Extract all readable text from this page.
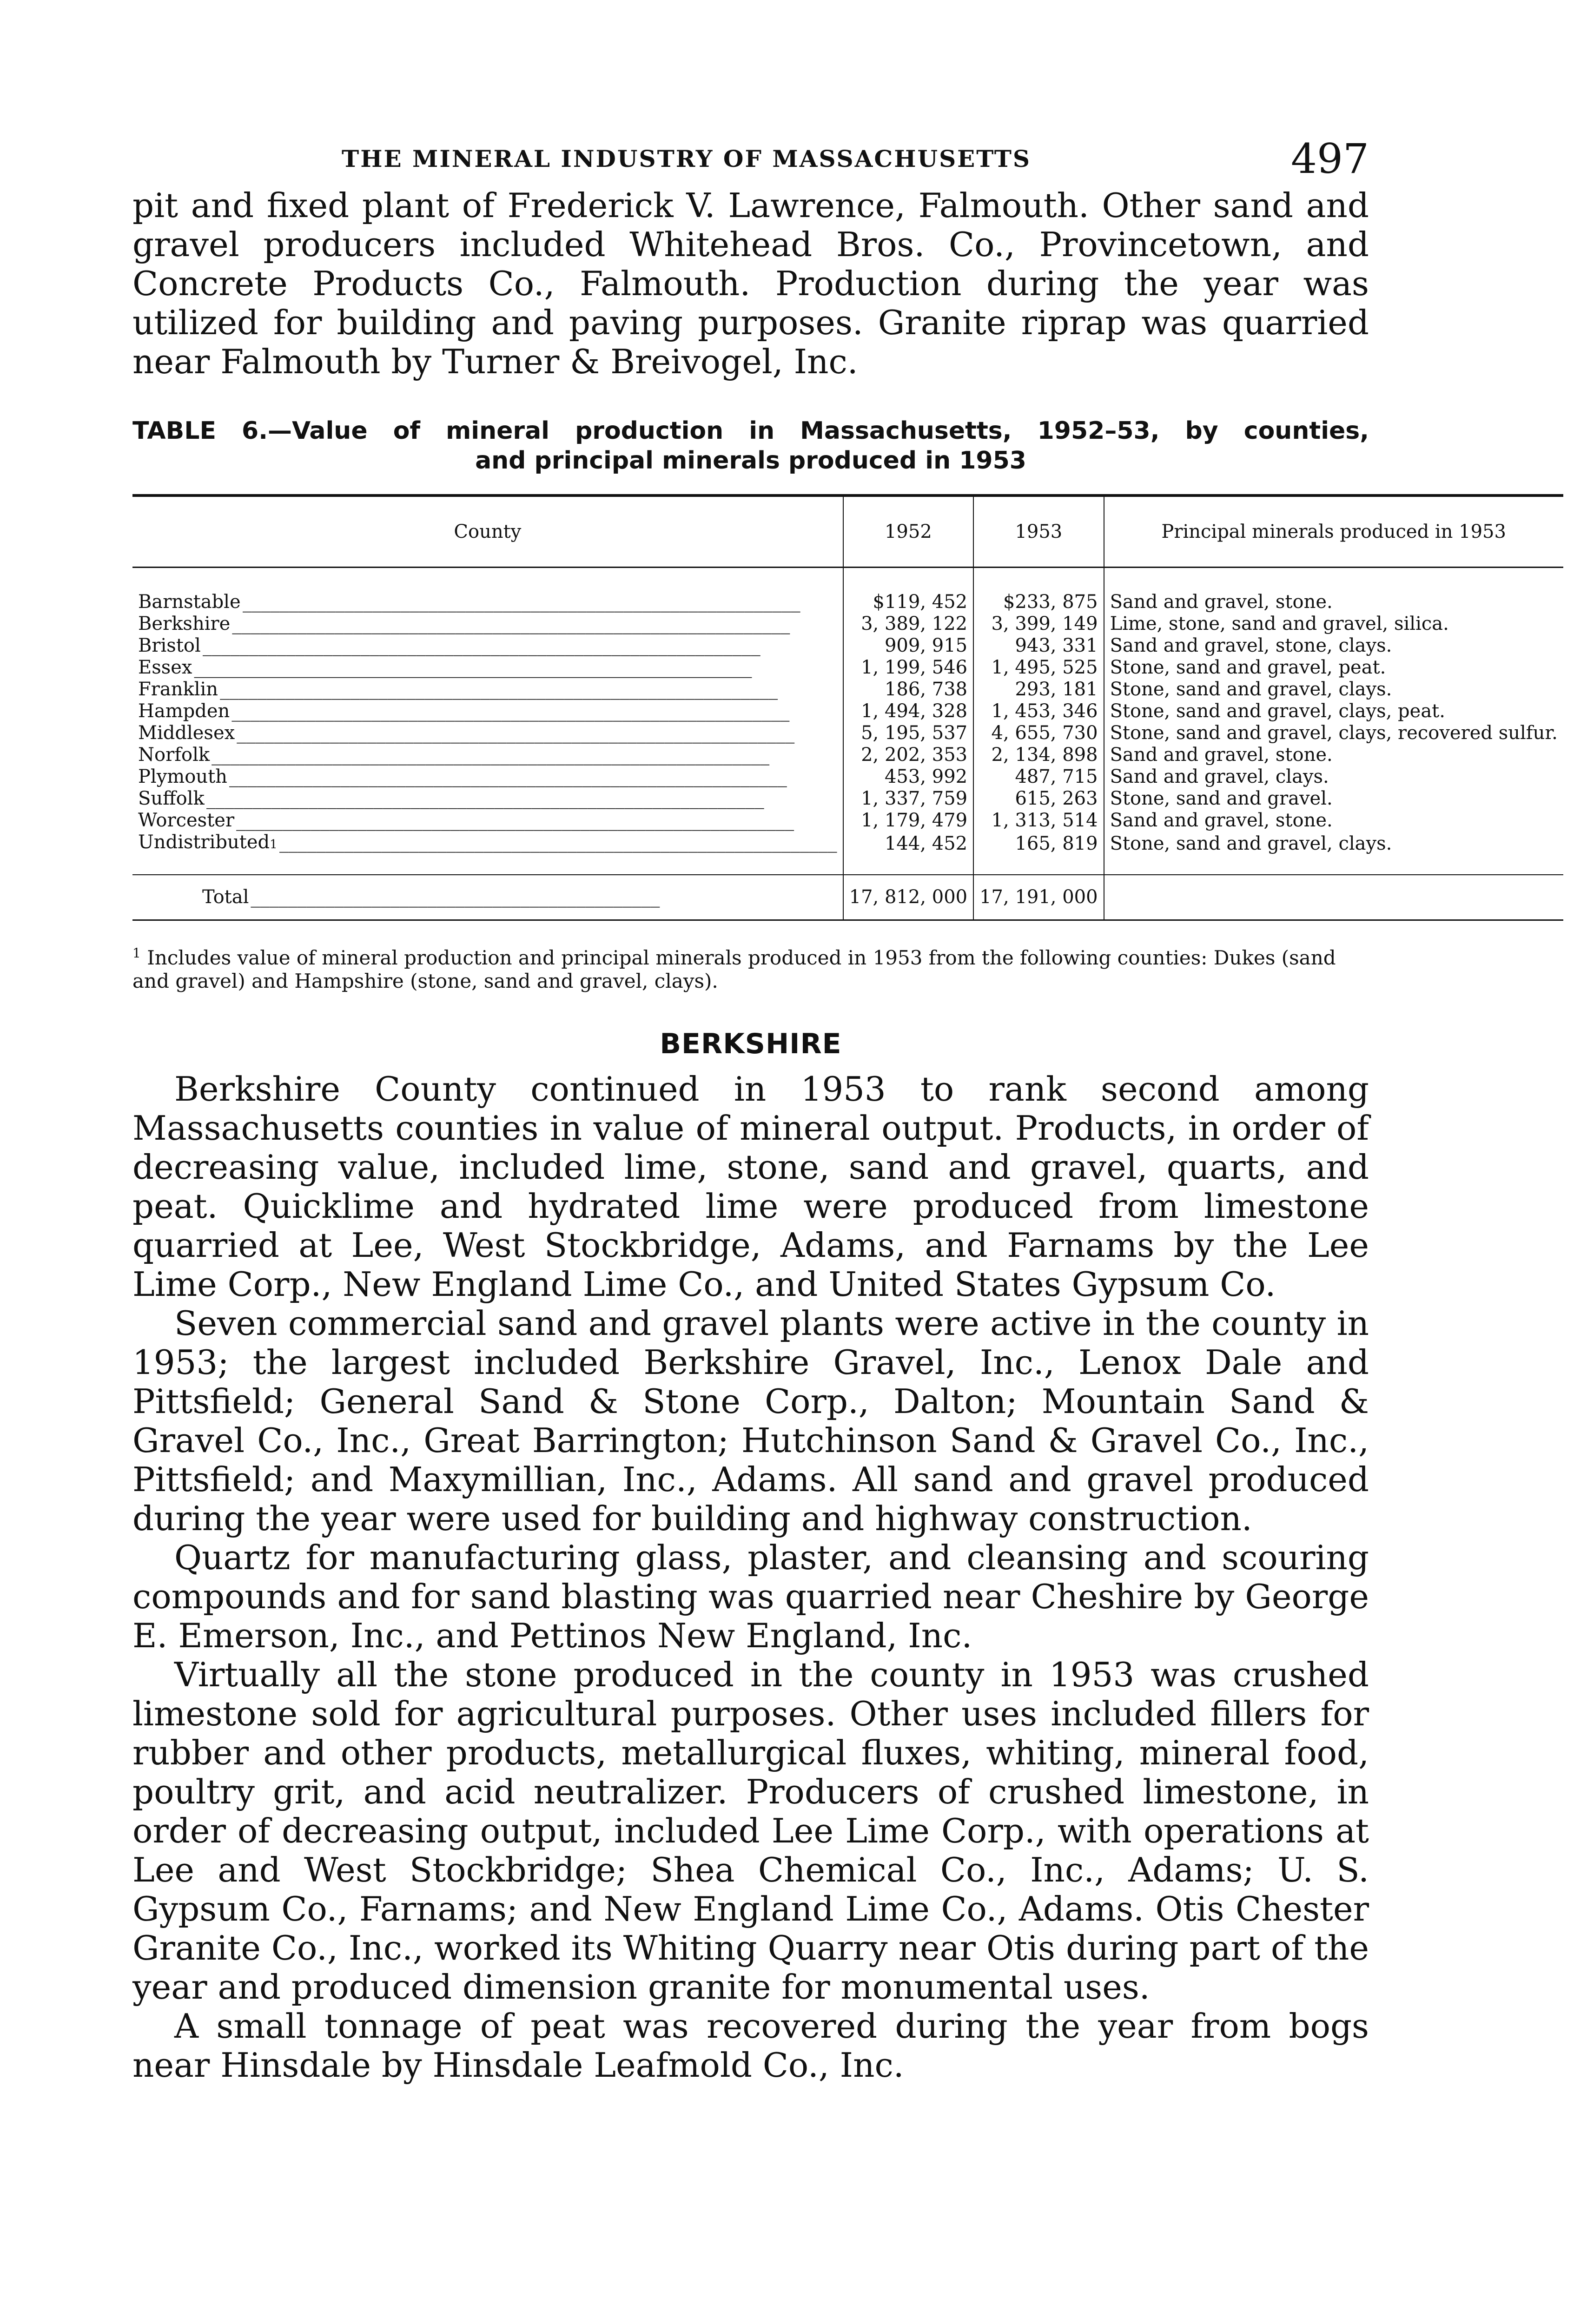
THE MINERAL INDUSTRY OF MASSACHUSETTS	497

pit and fixed plant of Frederick V. Lawrence, Falmouth. Other sand and gravel producers included Whitehead Bros. Co., Provincetown, and Concrete Products Co., Falmouth. Production during the year was utilized for building and paving purposes. Granite riprap was quarried near Falmouth by Turner & Breivogel, Inc.

TABLE 6.—Value of mineral production in Massachusetts, 1952–53, by counties,
and principal minerals produced in 1953
County	1952	1953	Principal minerals produced in 1953

Barnstable ____________________________________________________________	$119, 452	$233, 875	Sand and gravel, stone.

Berkshire ____________________________________________________________	3, 389, 122	3, 399, 149	Lime, stone, sand and gravel, silica.

Bristol ____________________________________________________________	909, 915	943, 331	Sand and gravel, stone, clays.

Essex ____________________________________________________________	1, 199, 546	1, 495, 525	Stone, sand and gravel, peat.

Franklin ____________________________________________________________	186, 738	293, 181	Stone, sand and gravel, clays.

Hampden ____________________________________________________________	1, 494, 328	1, 453, 346	Stone, sand and gravel, clays, peat.

Middlesex ____________________________________________________________	5, 195, 537	4, 655, 730	Stone, sand and gravel, clays, recovered sulfur.

Norfolk ____________________________________________________________	2, 202, 353	2, 134, 898	Sand and gravel, stone.

Plymouth ____________________________________________________________	453, 992	487, 715	Sand and gravel, clays.

Suffolk ____________________________________________________________	1, 337, 759	615, 263	Stone, sand and gravel.

Worcester ____________________________________________________________	1, 179, 479	1, 313, 514	Sand and gravel, stone.

Undistributed 1 ____________________________________________________________	144, 452	165, 819	Stone, sand and gravel, clays.

Total ____________________________________________	17, 812, 000	17, 191, 000	
$^1$ Includes value of mineral production and principal minerals produced in 1953 from the following counties: Dukes (sand and gravel) and Hampshire (stone, sand and gravel, clays).
BERKSHIRE

Berkshire County continued in 1953 to rank second among Massachusetts counties in value of mineral output. Products, in order of decreasing value, included lime, stone, sand and gravel, quarts, and peat. Quicklime and hydrated lime were produced from limestone quarried at Lee, West Stockbridge, Adams, and Farnams by the Lee Lime Corp., New England Lime Co., and United States Gypsum Co.

Seven commercial sand and gravel plants were active in the county in 1953; the largest included Berkshire Gravel, Inc., Lenox Dale and Pittsfield; General Sand & Stone Corp., Dalton; Mountain Sand & Gravel Co., Inc., Great Barrington; Hutchinson Sand & Gravel Co., Inc., Pittsfield; and Maxymillian, Inc., Adams. All sand and gravel produced during the year were used for building and highway construction.

Quartz for manufacturing glass, plaster, and cleansing and scouring compounds and for sand blasting was quarried near Cheshire by George E. Emerson, Inc., and Pettinos New England, Inc.

Virtually all the stone produced in the county in 1953 was crushed limestone sold for agricultural purposes. Other uses included fillers for rubber and other products, metallurgical fluxes, whiting, mineral food, poultry grit, and acid neutralizer. Producers of crushed limestone, in order of decreasing output, included Lee Lime Corp., with operations at Lee and West Stockbridge; Shea Chemical Co., Inc., Adams; U. S. Gypsum Co., Farnams; and New England Lime Co., Adams. Otis Chester Granite Co., Inc., worked its Whiting Quarry near Otis during part of the year and produced dimension granite for monumental uses.

A small tonnage of peat was recovered during the year from bogs near Hinsdale by Hinsdale Leafmold Co., Inc.
